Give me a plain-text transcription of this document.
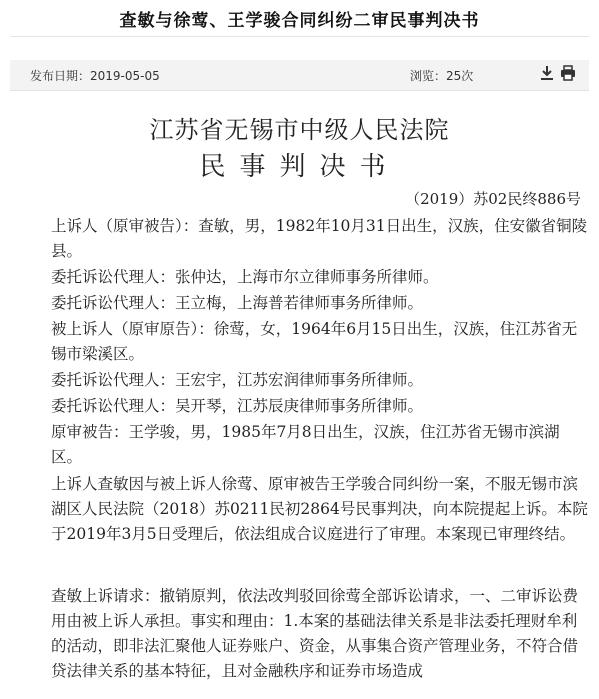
查敏与徐莺、王学骏合同纠纷二审民事判决书
发布日期：2019-05-05	浏览：25次
江苏省无锡市中级人民法院
民事判决书
（2019）苏02民终886号
上诉人（原审被告）：查敏，男，1982年10月31日出生，汉族，住安徽省铜陵县。
委托诉讼代理人：张仲达，上海市尔立律师事务所律师。
委托诉讼代理人：王立梅，上海普若律师事务所律师。
被上诉人（原审原告）：徐莺，女，1964年6月15日出生，汉族，住江苏省无锡市梁溪区。
委托诉讼代理人：王宏宇，江苏宏润律师事务所律师。
委托诉讼代理人：吴开琴，江苏辰庚律师事务所律师。
原审被告：王学骏，男，1985年7月8日出生，汉族，住江苏省无锡市滨湖区。
上诉人查敏因与被上诉人徐莺、原审被告王学骏合同纠纷一案，不服无锡市滨湖区人民法院（2018）苏0211民初2864号民事判决，向本院提起上诉。本院于2019年3月5日受理后，依法组成合议庭进行了审理。本案现已审理终结。
查敏上诉请求：撤销原判，依法改判驳回徐莺全部诉讼请求，一、二审诉讼费用由被上诉人承担。事实和理由：1.本案的基础法律关系是非法委托理财牟利的活动，即非法汇聚他人证券账户、资金，从事集合资产管理业务，不符合借贷法律关系的基本特征，且对金融秩序和证券市场造成
